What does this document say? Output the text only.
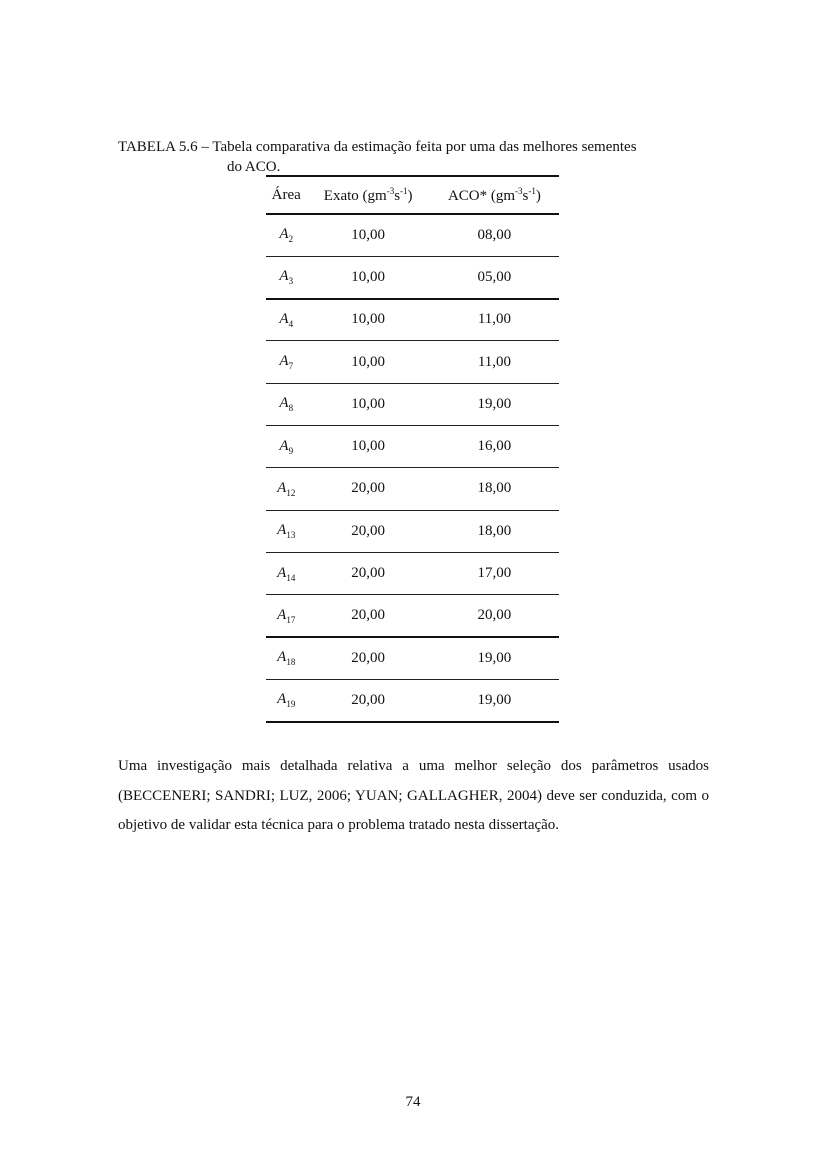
TABELA 5.6 – Tabela comparativa da estimação feita por uma das melhores sementes
do ACO.
Área	Exato $(gm^{-3}s^{-1})$	ACO* $(gm^{-3}s^{-1})$
$A_2$	10,00	08,00
$A_3$	10,00	05,00
$A_4$	10,00	11,00
$A_7$	10,00	11,00
$A_8$	10,00	19,00
$A_9$	10,00	16,00
$A_{12}$	20,00	18,00
$A_{13}$	20,00	18,00
$A_{14}$	20,00	17,00
$A_{17}$	20,00	20,00
$A_{18}$	20,00	19,00
$A_{19}$	20,00	19,00

Uma investigação mais detalhada relativa a uma melhor seleção dos parâmetros usados (BECCENERI; SANDRI; LUZ, 2006; YUAN; GALLAGHER, 2004) deve ser conduzida, com o objetivo de validar esta técnica para o problema tratado nesta dissertação.

74
